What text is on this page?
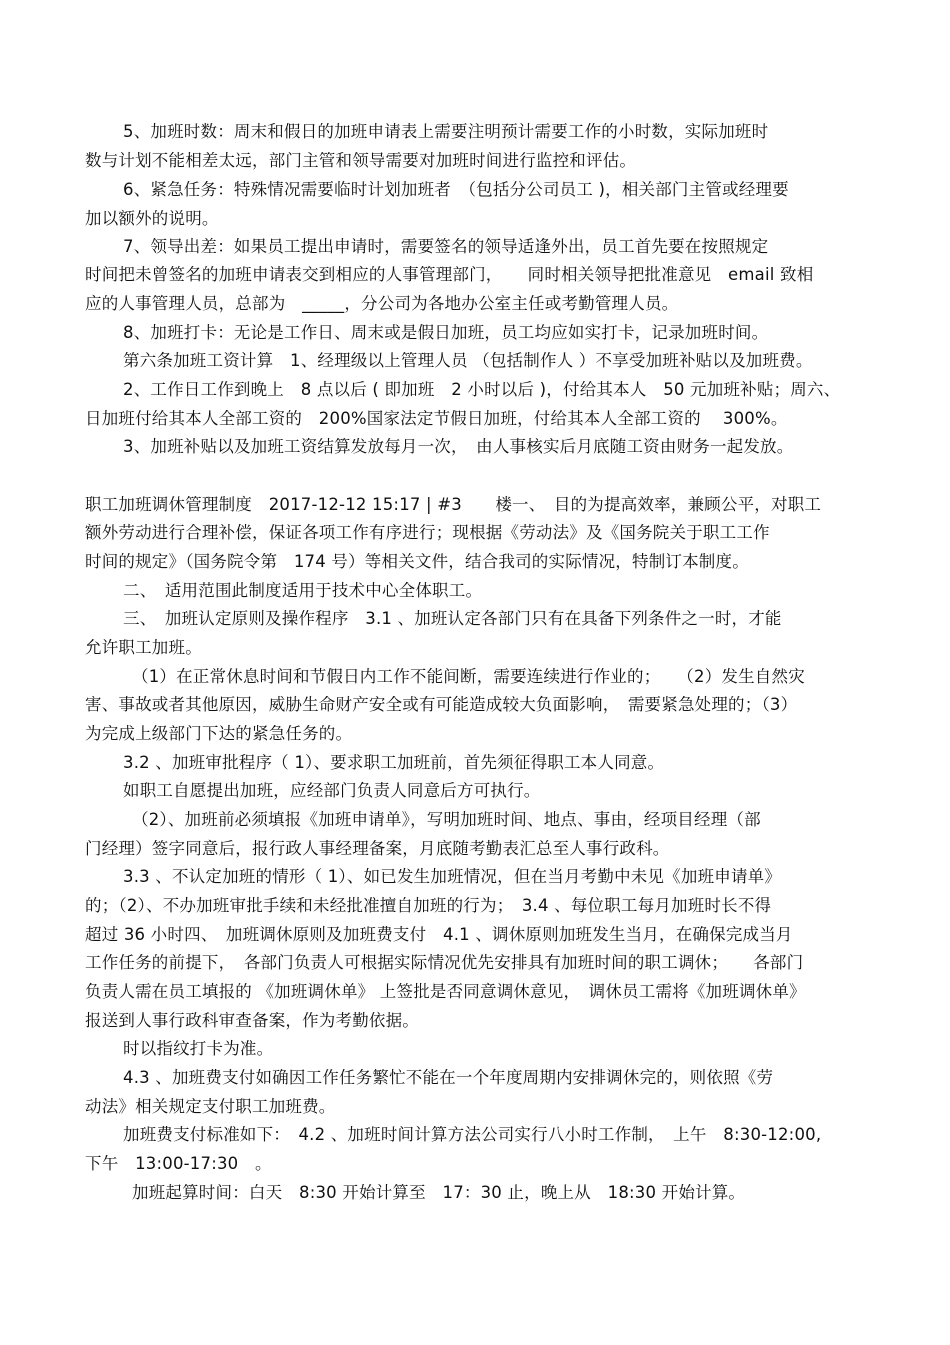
5、加班时数：周末和假日的加班申请表上需要注明预计需要工作的小时数，实际加班时
数与计划不能相差太远，部门主管和领导需要对加班时间进行监控和评估。
6、紧急任务：特殊情况需要临时计划加班者　（包括分公司员工 )，相关部门主管或经理要
加以额外的说明。
7、领导出差：如果员工提出申请时，需要签名的领导适逢外出，员工首先要在按照规定
时间把未曾签名的加班申请表交到相应的人事管理部门，　　同时相关领导把批准意见　email 致相
应的人事管理人员，总部为　_____，分公司为各地办公室主任或考勤管理人员。
8、加班打卡：无论是工作日、周末或是假日加班，员工均应如实打卡，记录加班时间。
第六条加班工资计算　1、经理级以上管理人员 （包括制作人 ）不享受加班补贴以及加班费。
2、工作日工作到晚上　8 点以后 ( 即加班　2 小时以后 )，付给其本人　50 元加班补贴；周六、
日加班付给其本人全部工资的　200%国家法定节假日加班，付给其本人全部工资的　 300%。
3、加班补贴以及加班工资结算发放每月一次，　由人事核实后月底随工资由财务一起发放。
职工加班调休管理制度　2017-12-12 15:17 | #3　　楼一、　目的为提高效率，兼顾公平，对职工
额外劳动进行合理补偿，保证各项工作有序进行；现根据《劳动法》及《国务院关于职工工作
时间的规定》（国务院令第　174 号）等相关文件，结合我司的实际情况，特制订本制度。
二、　适用范围此制度适用于技术中心全体职工。
三、　加班认定原则及操作程序　3.1 、加班认定各部门只有在具备下列条件之一时，才能
允许职工加班。
（1）在正常休息时间和节假日内工作不能间断，需要连续进行作业的；　　（2）发生自然灾
害、事故或者其他原因，威胁生命财产安全或有可能造成较大负面影响，　需要紧急处理的；（3）
为完成上级部门下达的紧急任务的。
3.2 、加班审批程序（ 1）、要求职工加班前，首先须征得职工本人同意。
如职工自愿提出加班，应经部门负责人同意后方可执行。
（2）、加班前必须填报《加班申请单》，写明加班时间、地点、事由，经项目经理（部
门经理）签字同意后，报行政人事经理备案，月底随考勤表汇总至人事行政科。
3.3 、不认定加班的情形（ 1）、如已发生加班情况，但在当月考勤中未见《加班申请单》
的；（2）、不办加班审批手续和未经批准擅自加班的行为；　3.4 、每位职工每月加班时长不得
超过 36 小时四、　加班调休原则及加班费支付　4.1 、调休原则加班发生当月，在确保完成当月
工作任务的前提下，　各部门负责人可根据实际情况优先安排具有加班时间的职工调休；　　各部门
负责人需在员工填报的 《加班调休单》 上签批是否同意调休意见，　调休员工需将《加班调休单》
报送到人事行政科审查备案，作为考勤依据。
时以指纹打卡为准。
4.3 、加班费支付如确因工作任务繁忙不能在一个年度周期内安排调休完的，则依照《劳
动法》相关规定支付职工加班费。
加班费支付标准如下：　4.2 、加班时间计算方法公司实行八小时工作制，　上午　8:30-12:00,
下午　13:00-17:30　。
加班起算时间：白天　8:30 开始计算至　17：30 止，晚上从　18:30 开始计算。
